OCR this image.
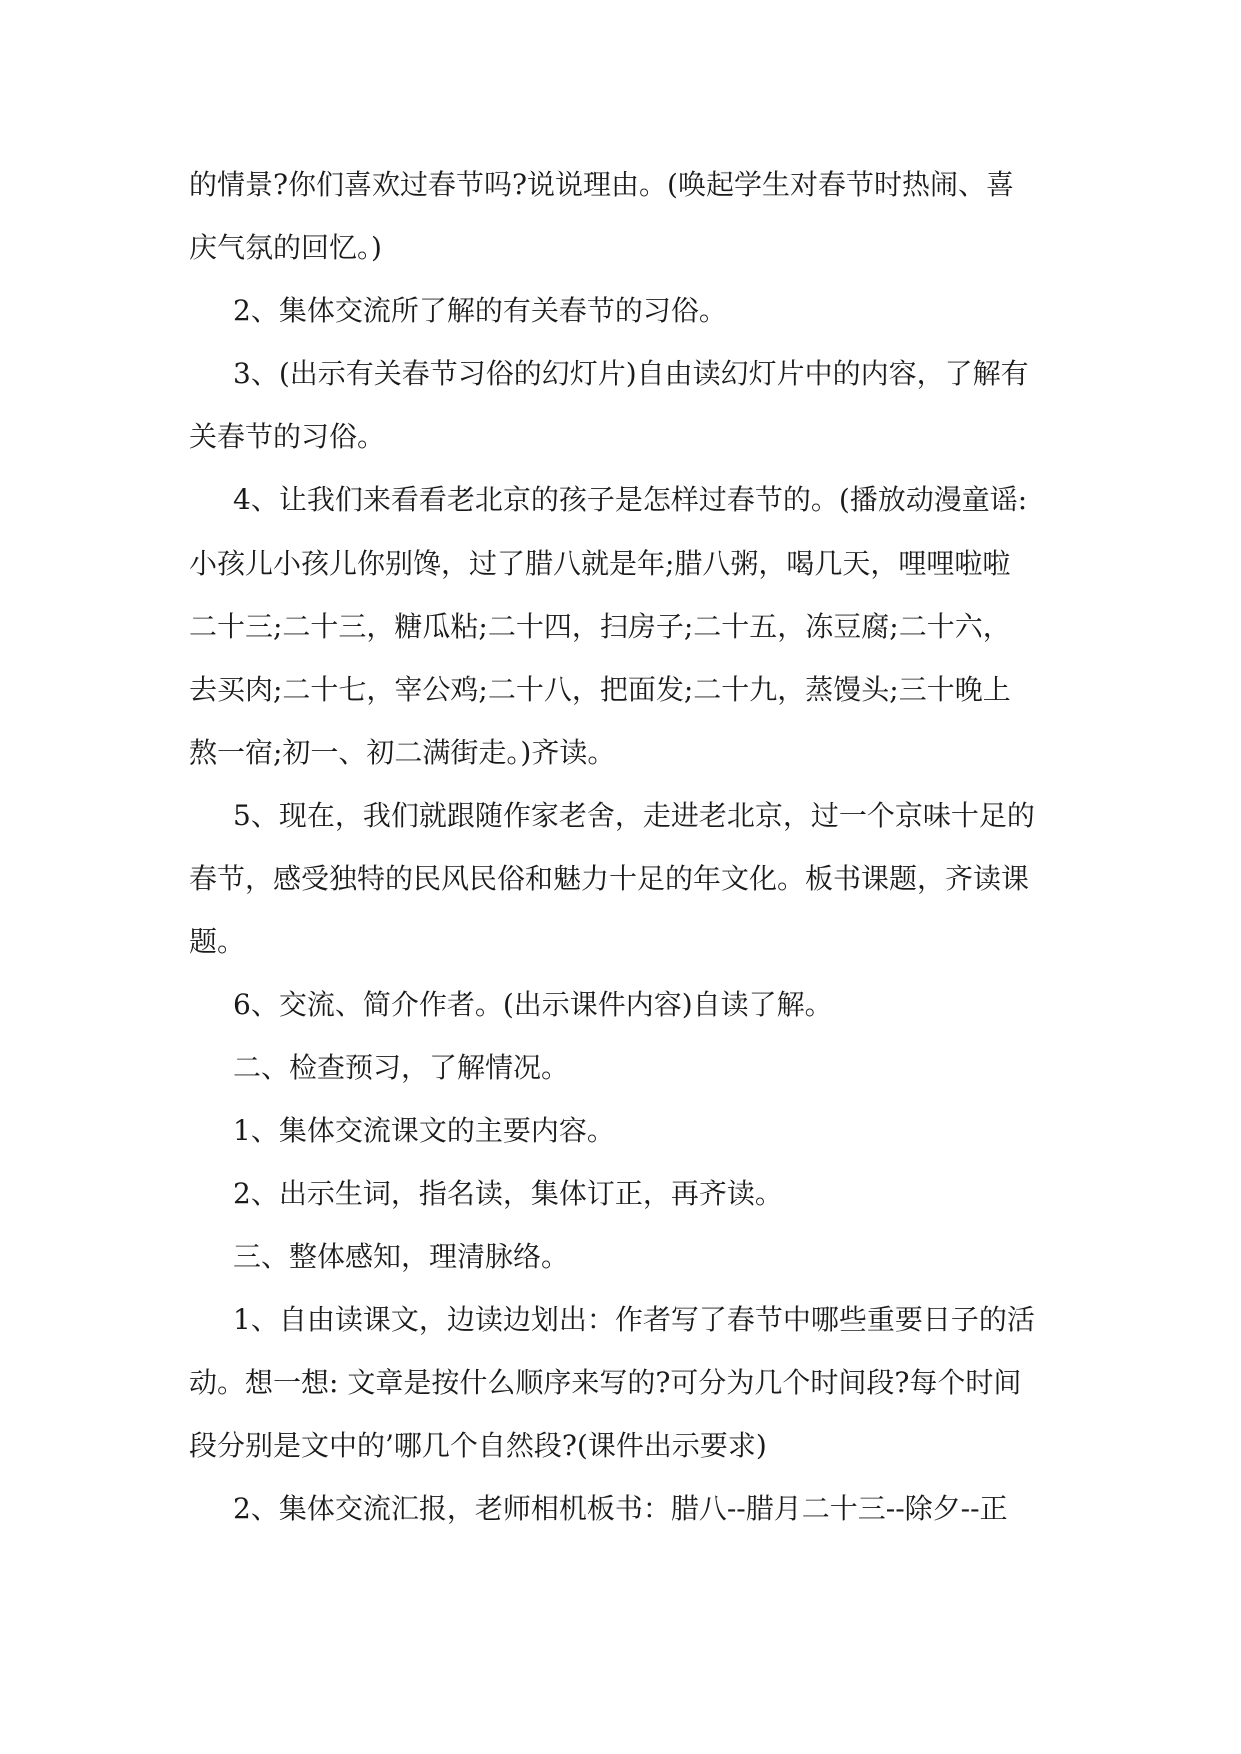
的情景?你们喜欢过春节吗?说说理由。(唤起学生对春节时热闹、喜

庆气氛的回忆。)

2、集体交流所了解的有关春节的习俗。

3、(出示有关春节习俗的幻灯片)自由读幻灯片中的内容，了解有

关春节的习俗。

4、让我们来看看老北京的孩子是怎样过春节的。(播放动漫童谣:

小孩儿小孩儿你别馋，过了腊八就是年;腊八粥，喝几天，哩哩啦啦

二十三;二十三，糖瓜粘;二十四，扫房子;二十五，冻豆腐;二十六，

去买肉;二十七，宰公鸡;二十八，把面发;二十九，蒸馒头;三十晚上

熬一宿;初一、初二满街走。)齐读。

5、现在，我们就跟随作家老舍，走进老北京，过一个京味十足的

春节，感受独特的民风民俗和魅力十足的年文化。板书课题，齐读课

题。

6、交流、简介作者。(出示课件内容)自读了解。

二、检查预习，了解情况。

1、集体交流课文的主要内容。

2、出示生词，指名读，集体订正，再齐读。

三、整体感知，理清脉络。

1、自由读课文，边读边划出：作者写了春节中哪些重要日子的活

动。想一想: 文章是按什么顺序来写的?可分为几个时间段?每个时间

段分别是文中的’哪几个自然段?(课件出示要求)

2、集体交流汇报，老师相机板书：腊八--腊月二十三--除夕--正
